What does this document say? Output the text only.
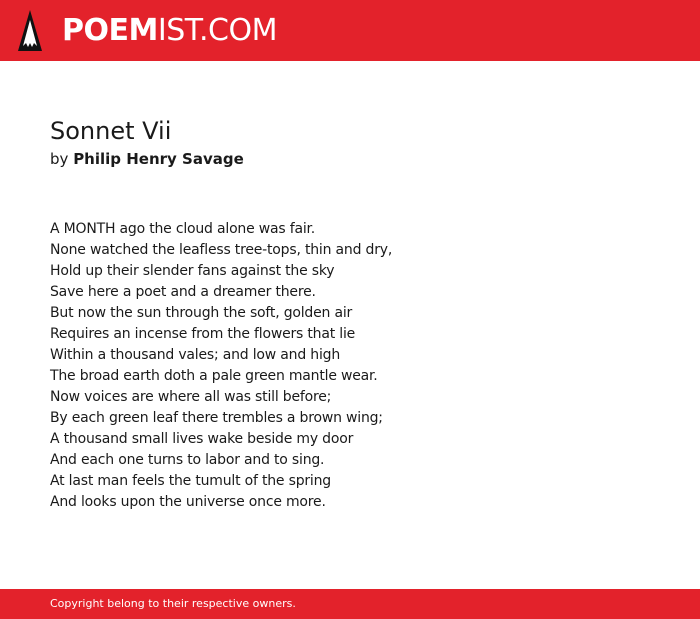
POEMIST.COM
Sonnet Vii
by Philip Henry Savage
A MONTH ago the cloud alone was fair.
None watched the leafless tree-tops, thin and dry,
Hold up their slender fans against the sky
Save here a poet and a dreamer there.
But now the sun through the soft, golden air
Requires an incense from the flowers that lie
Within a thousand vales; and low and high
The broad earth doth a pale green mantle wear.
Now voices are where all was still before;
By each green leaf there trembles a brown wing;
A thousand small lives wake beside my door
And each one turns to labor and to sing.
At last man feels the tumult of the spring
And looks upon the universe once more.
Copyright belong to their respective owners.
